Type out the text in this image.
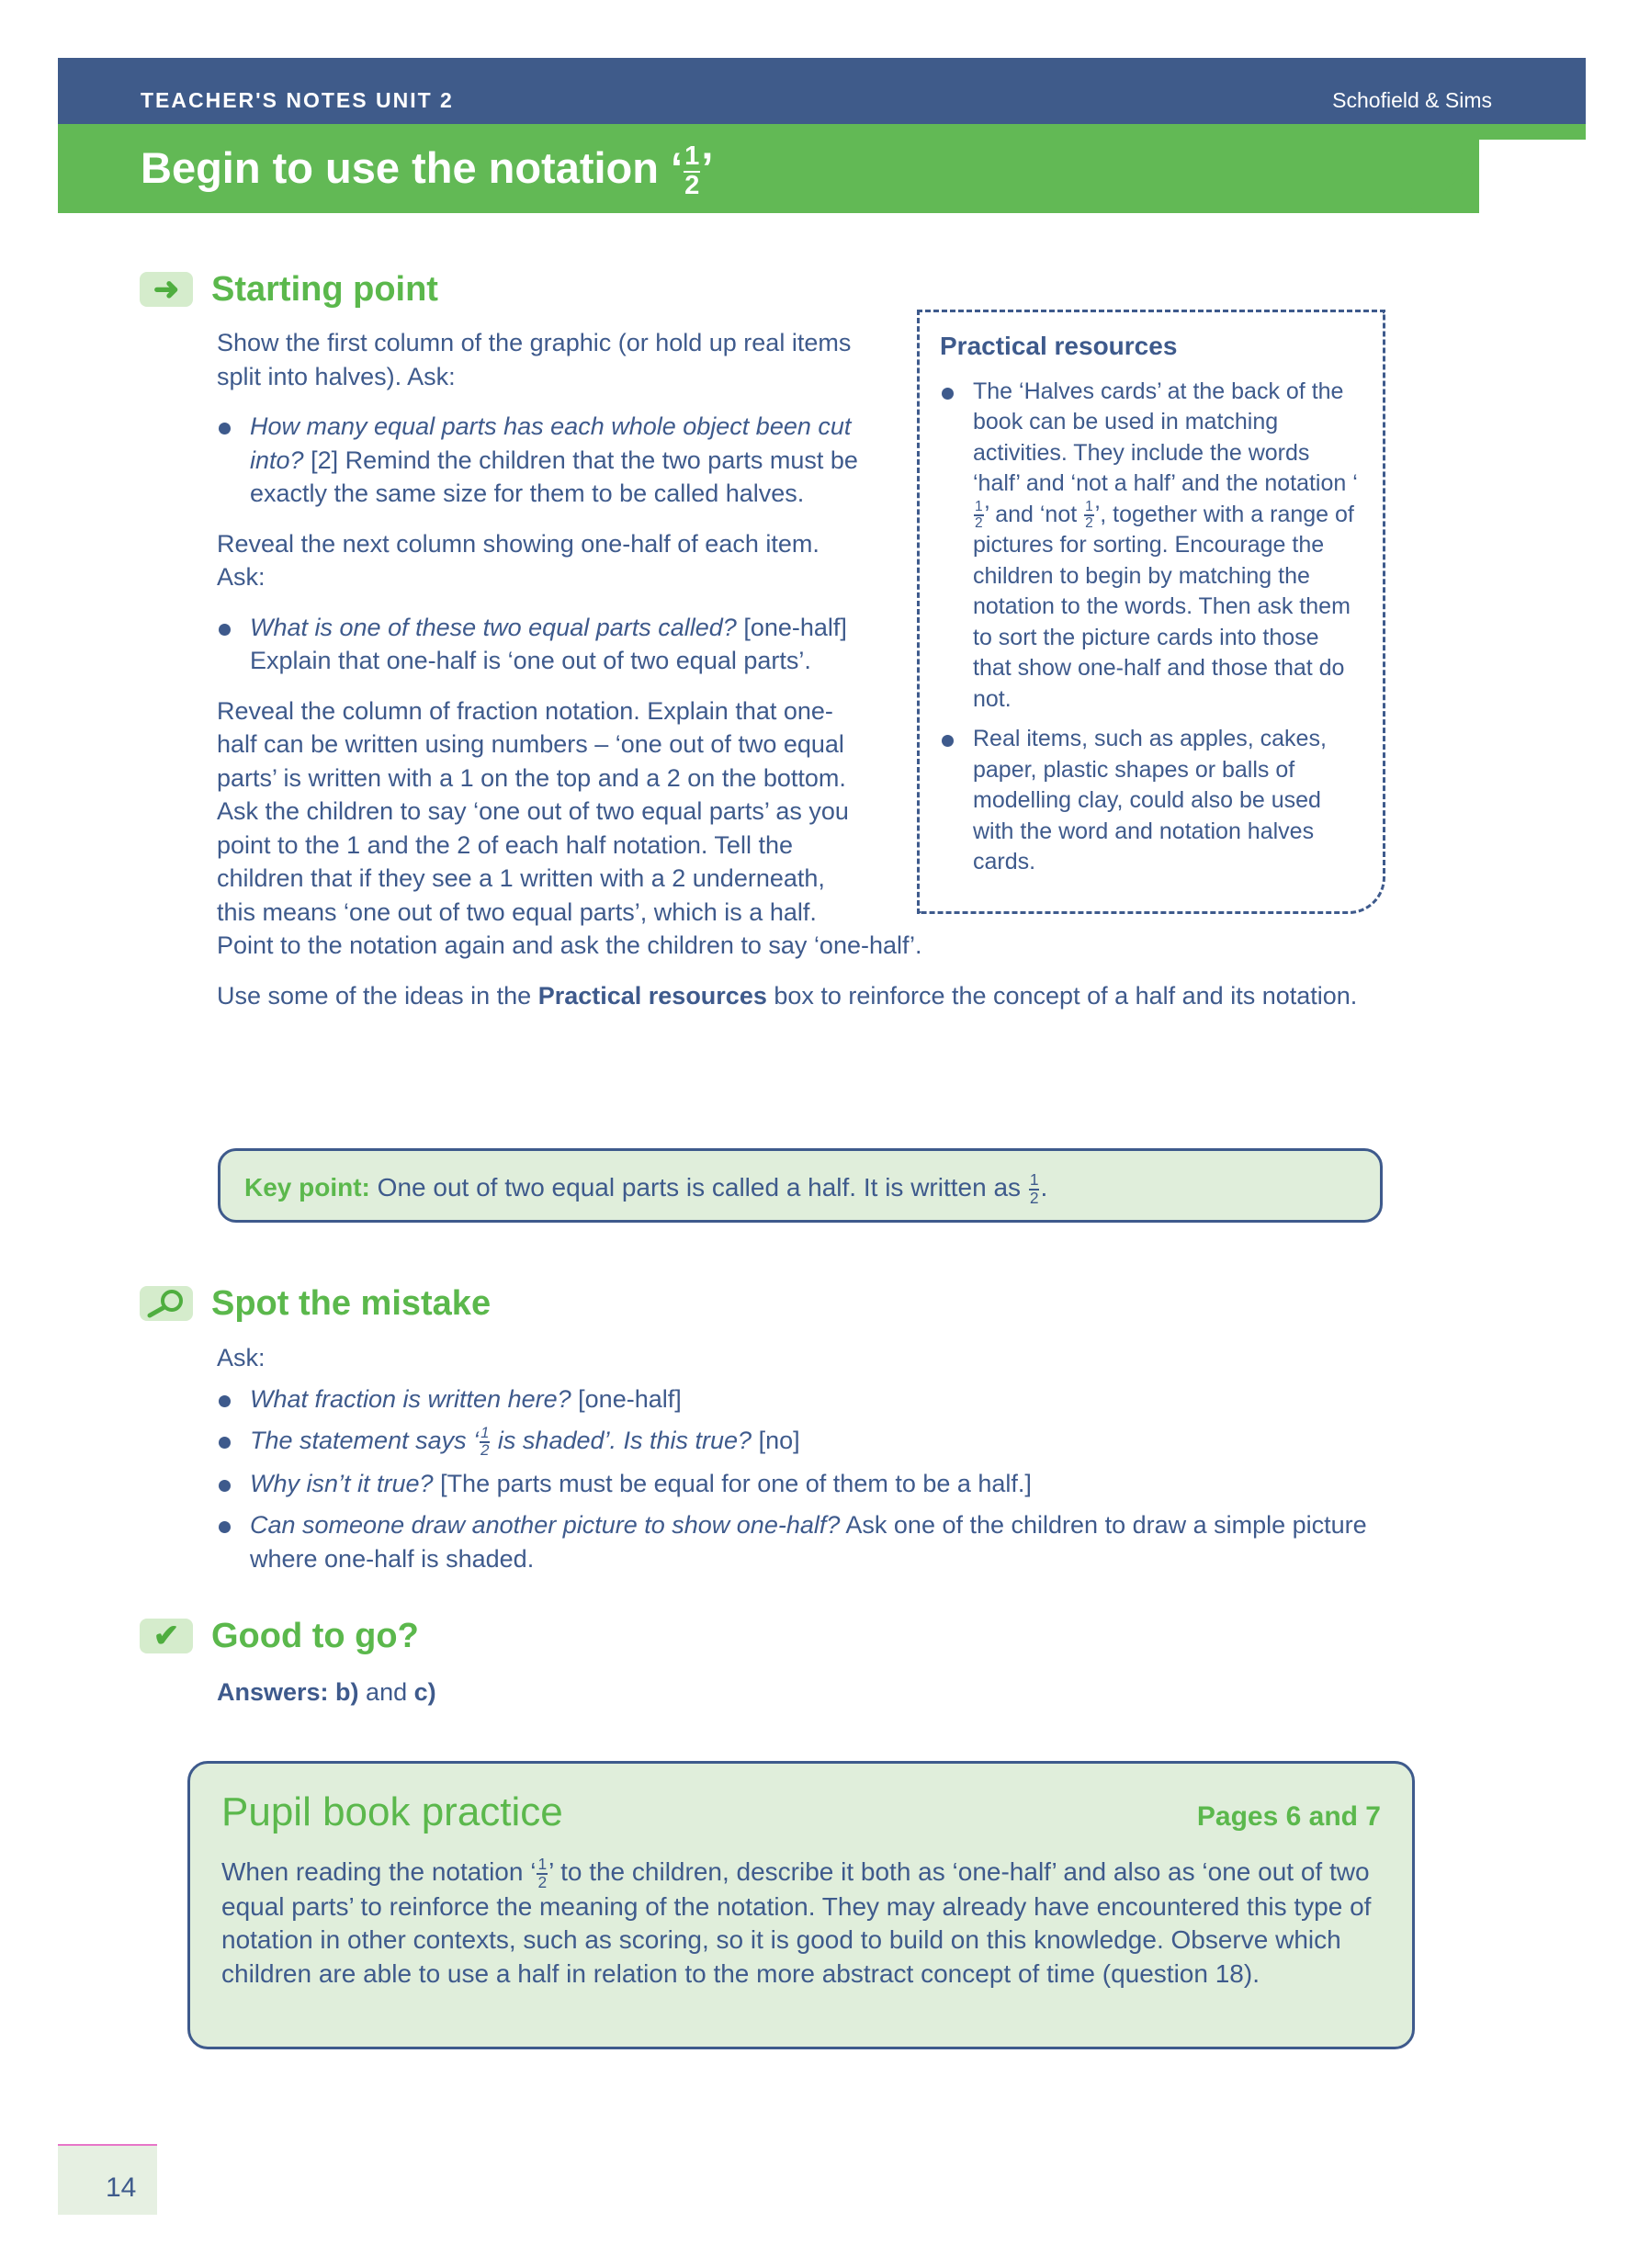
TEACHER'S NOTES UNIT 2	Schofield & Sims
Begin to use the notation ‘ $\frac{1}{2}$ ’
➜ Starting point
Practical resources
The ‘Halves cards’ at the back of the book can be used in matching activities. They include the words ‘half’ and ‘not a half’ and the notation ‘
$\frac{1}{2}$ ’ and ‘not $\frac{1}{2}$ ’, together with a range of pictures for sorting. Encourage the children to begin by matching the notation to the words. Then ask them to sort the picture cards into those that show one-half and those that do not.
Real items, such as apples, cakes, paper, plastic shapes or balls of modelling clay, could also be used with the word and notation halves cards.

Show the first column of the graphic (or hold up real items split into halves). Ask:

How many equal parts has each whole object been cut into? [2] Remind the children that the two parts must be exactly the same size for them to be called halves.

Reveal the next column showing one-half of each item. Ask:

What is one of these two equal parts called? [one-half] Explain that one-half is ‘one out of two equal parts’.

Reveal the column of fraction notation. Explain that one-half can be written using numbers – ‘one out of two equal parts’ is written with a 1 on the top and a 2 on the bottom. Ask the children to say ‘one out of two equal parts’ as you point to the 1 and the 2 of each half notation. Tell the children that if they see a 1 written with a 2 underneath, this means ‘one out of two equal parts’, which is a half. Point to the notation again and ask the children to say ‘one-half’.

Use some of the ideas in the Practical resources box to reinforce the concept of a half and its notation.

Key point: One out of two equal parts is called a half. It is written as $\frac{1}{2}$ .
Spot the mistake

Ask:

What fraction is written here? [one-half]
The statement says ‘ $\frac{1}{2}$ is shaded’. Is this true? [no]
Why isn’t it true? [The parts must be equal for one of them to be a half.]
Can someone draw another picture to show one-half? Ask one of the children to draw a simple picture where one-half is shaded.
✔ Good to go?

Answers: b) and c)

Pupil book practice	Pages 6 and 7

When reading the notation ‘ $\frac{1}{2}$ ’ to the children, describe it both as ‘one-half’ and also as ‘one out of two equal parts’ to reinforce the meaning of the notation. They may already have encountered this type of notation in other contexts, such as scoring, so it is good to build on this knowledge. Observe which children are able to use a half in relation to the more abstract concept of time (question 18).

14
